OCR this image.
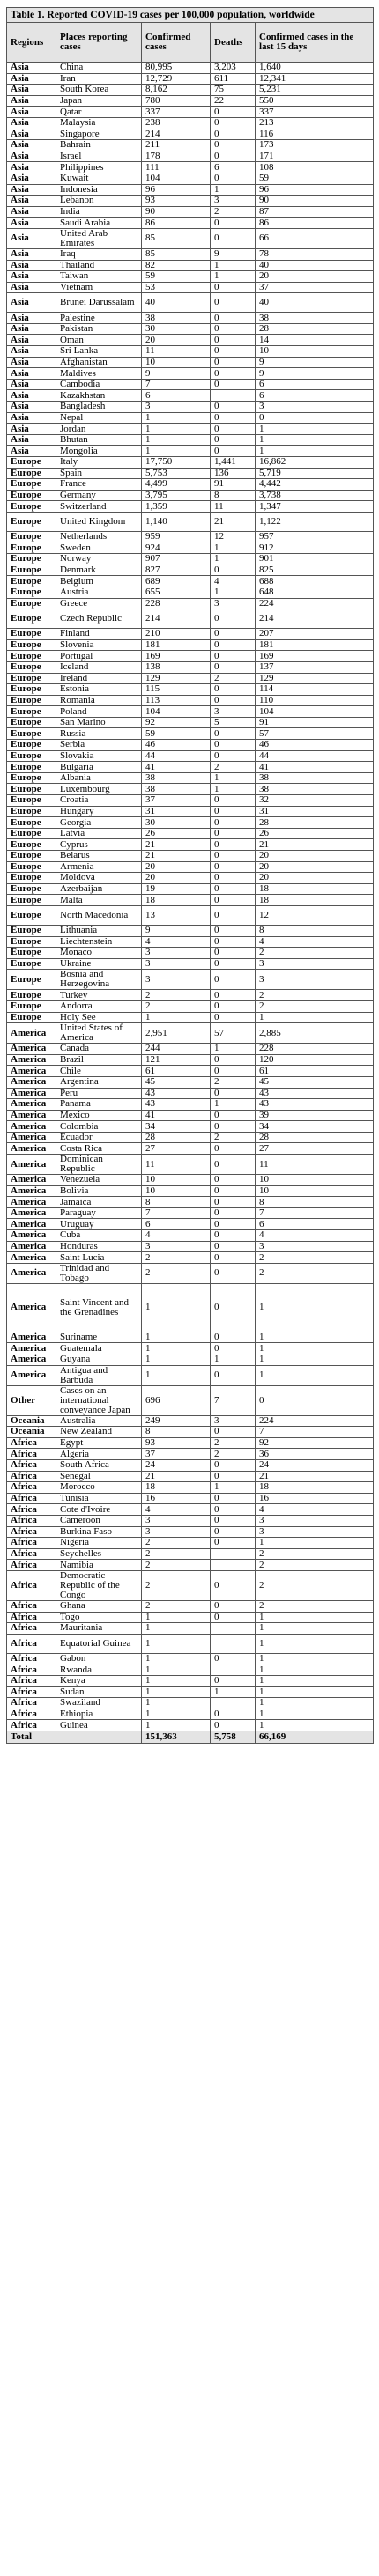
Table 1. Reported COVID-19 cases per 100,000 population, worldwide
Regions	Places reporting cases	Confirmed cases	Deaths	Confirmed cases in the last 15 days
Asia	China	80,995	3,203	1,640
Asia	Iran	12,729	611	12,341
Asia	South Korea	8,162	75	5,231
Asia	Japan	780	22	550
Asia	Qatar	337	0	337
Asia	Malaysia	238	0	213
Asia	Singapore	214	0	116
Asia	Bahrain	211	0	173
Asia	Israel	178	0	171
Asia	Philippines	111	6	108
Asia	Kuwait	104	0	59
Asia	Indonesia	96	1	96
Asia	Lebanon	93	3	90
Asia	India	90	2	87
Asia	Saudi Arabia	86	0	86
Asia	United Arab Emirates	85	0	66
Asia	Iraq	85	9	78
Asia	Thailand	82	1	40
Asia	Taiwan	59	1	20
Asia	Vietnam	53	0	37
Asia	Brunei Darussalam	40	0	40
Asia	Palestine	38	0	38
Asia	Pakistan	30	0	28
Asia	Oman	20	0	14
Asia	Sri Lanka	11	0	10
Asia	Afghanistan	10	0	9
Asia	Maldives	9	0	9
Asia	Cambodia	7	0	6
Asia	Kazakhstan	6		6
Asia	Bangladesh	3	0	3
Asia	Nepal	1	0	0
Asia	Jordan	1	0	1
Asia	Bhutan	1	0	1
Asia	Mongolia	1	0	1
Europe	Italy	17,750	1,441	16,862
Europe	Spain	5,753	136	5,719
Europe	France	4,499	91	4,442
Europe	Germany	3,795	8	3,738
Europe	Switzerland	1,359	11	1,347
Europe	United Kingdom	1,140	21	1,122
Europe	Netherlands	959	12	957
Europe	Sweden	924	1	912
Europe	Norway	907	1	901
Europe	Denmark	827	0	825
Europe	Belgium	689	4	688
Europe	Austria	655	1	648
Europe	Greece	228	3	224
Europe	Czech Republic	214	0	214
Europe	Finland	210	0	207
Europe	Slovenia	181	0	181
Europe	Portugal	169	0	169
Europe	Iceland	138	0	137
Europe	Ireland	129	2	129
Europe	Estonia	115	0	114
Europe	Romania	113	0	110
Europe	Poland	104	3	104
Europe	San Marino	92	5	91
Europe	Russia	59	0	57
Europe	Serbia	46	0	46
Europe	Slovakia	44	0	44
Europe	Bulgaria	41	2	41
Europe	Albania	38	1	38
Europe	Luxembourg	38	1	38
Europe	Croatia	37	0	32
Europe	Hungary	31	0	31
Europe	Georgia	30	0	28
Europe	Latvia	26	0	26
Europe	Cyprus	21	0	21
Europe	Belarus	21	0	20
Europe	Armenia	20	0	20
Europe	Moldova	20	0	20
Europe	Azerbaijan	19	0	18
Europe	Malta	18	0	18
Europe	North Macedonia	13	0	12
Europe	Lithuania	9	0	8
Europe	Liechtenstein	4	0	4
Europe	Monaco	3	0	2
Europe	Ukraine	3	0	3
Europe	Bosnia and Herzegovina	3	0	3
Europe	Turkey	2	0	2
Europe	Andorra	2	0	2
Europe	Holy See	1	0	1
America	United States of America	2,951	57	2,885
America	Canada	244	1	228
America	Brazil	121	0	120
America	Chile	61	0	61
America	Argentina	45	2	45
America	Peru	43	0	43
America	Panama	43	1	43
America	Mexico	41	0	39
America	Colombia	34	0	34
America	Ecuador	28	2	28
America	Costa Rica	27	0	27
America	Dominican Republic	11	0	11
America	Venezuela	10	0	10
America	Bolivia	10	0	10
America	Jamaica	8	0	8
America	Paraguay	7	0	7
America	Uruguay	6	0	6
America	Cuba	4	0	4
America	Honduras	3	0	3
America	Saint Lucia	2	0	2
America	Trinidad and Tobago	2	0	2
America	Saint Vincent and the Grenadines	1	0	1
America	Suriname	1	0	1
America	Guatemala	1	0	1
America	Guyana	1	1	1
America	Antigua and Barbuda	1	0	1
Other	Cases on an international conveyance Japan	696	7	0
Oceania	Australia	249	3	224
Oceania	New Zealand	8	0	7
Africa	Egypt	93	2	92
Africa	Algeria	37	2	36
Africa	South Africa	24	0	24
Africa	Senegal	21	0	21
Africa	Morocco	18	1	18
Africa	Tunisia	16	0	16
Africa	Cote d'Ivoire	4	0	4
Africa	Cameroon	3	0	3
Africa	Burkina Faso	3	0	3
Africa	Nigeria	2	0	1
Africa	Seychelles	2		2
Africa	Namibia	2		2
Africa	Democratic Republic of the Congo	2	0	2
Africa	Ghana	2	0	2
Africa	Togo	1	0	1
Africa	Mauritania	1		1
Africa	Equatorial Guinea	1		1
Africa	Gabon	1	0	1
Africa	Rwanda	1		1
Africa	Kenya	1	0	1
Africa	Sudan	1	1	1
Africa	Swaziland	1		1
Africa	Ethiopia	1	0	1
Africa	Guinea	1	0	1
Total		151,363	5,758	66,169
